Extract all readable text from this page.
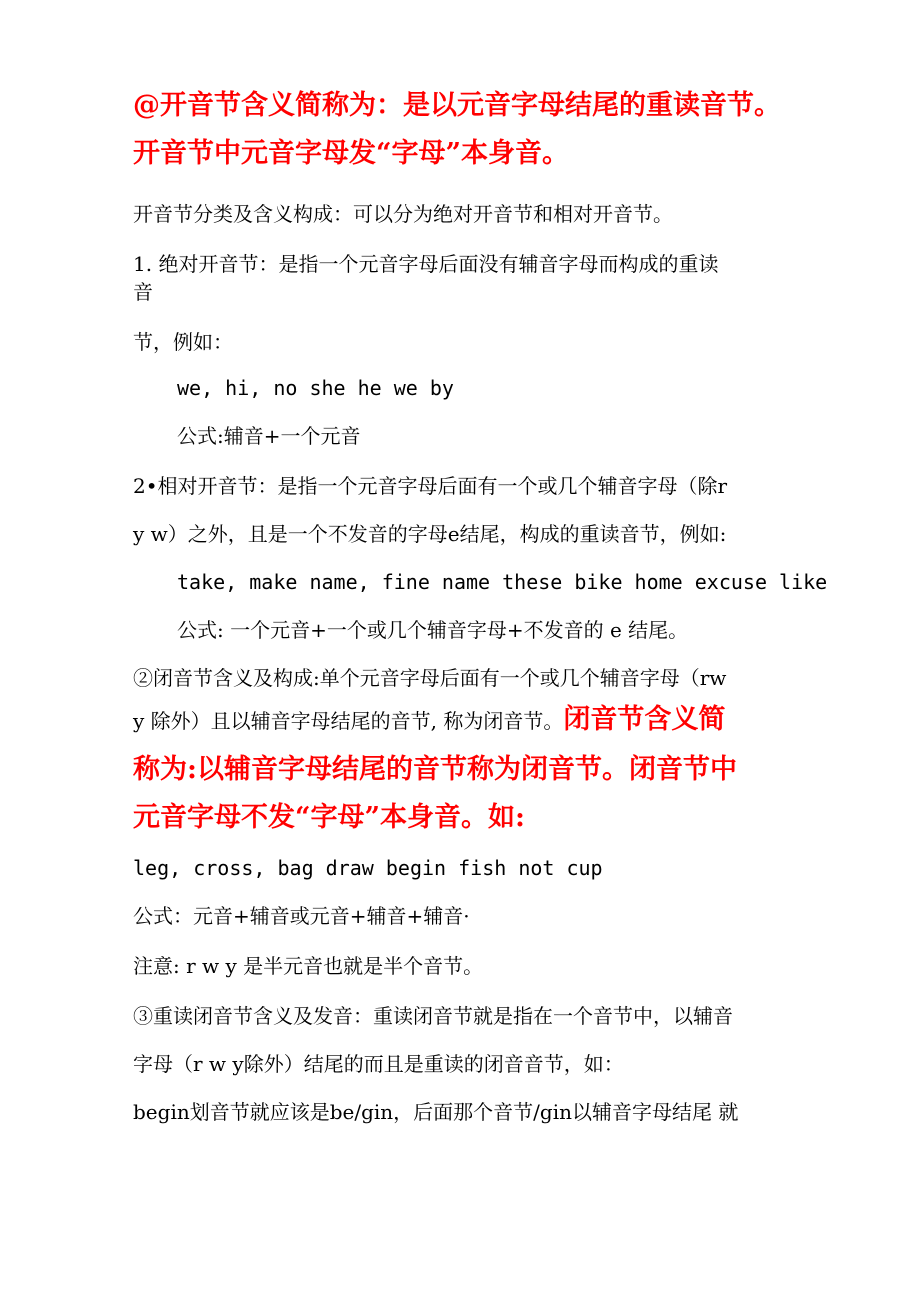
@开音节含义简称为：是以元音字母结尾的重读音节。
开音节中元音字母发“字母”本身音。
开音节分类及含义构成：可以分为绝对开音节和相对开音节。
1. 绝对开音节：是指一个元音字母后面没有辅音字母而构成的重读
音
节，例如：
we, hi, no she he we by
公式:辅音+一个元音
2•相对开音节：是指一个元音字母后面有一个或几个辅音字母（除r
y w）之外，且是一个不发音的字母e结尾，构成的重读音节，例如:
take, make name, fine name these bike home excuse like
公式: 一个元音+一个或几个辅音字母+不发音的 e 结尾。
②闭音节含义及构成:单个元音字母后面有一个或几个辅音字母（rw
y 除外）且以辅音字母结尾的音节, 称为闭音节。闭音节含义简
称为:以辅音字母结尾的音节称为闭音节。闭音节中
元音字母不发“字母”本身音。如:
leg, cross, bag draw begin fish not cup
公式：元音+辅音或元音+辅音+辅音·
注意: r w y 是半元音也就是半个音节。
③重读闭音节含义及发音：重读闭音节就是指在一个音节中，以辅音
字母（r w y除外）结尾的而且是重读的闭音音节，如：
begin划音节就应该是be/gin，后面那个音节/gin以辅音字母结尾 就
